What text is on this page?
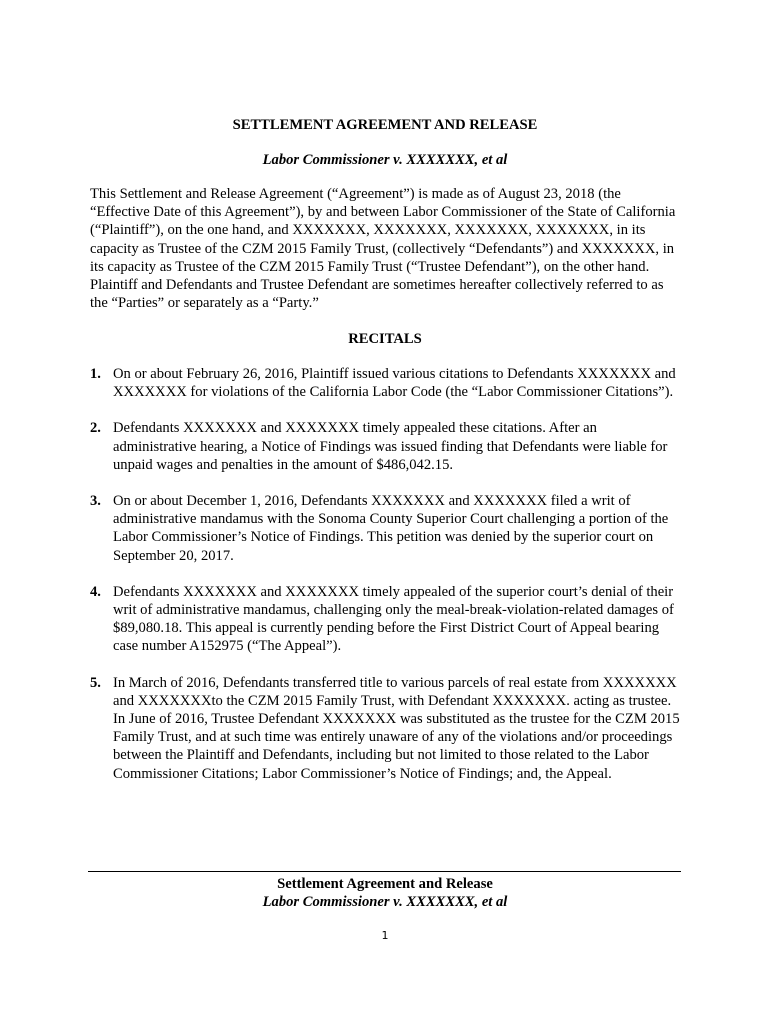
SETTLEMENT AGREEMENT AND RELEASE
Labor Commissioner v. XXXXXXX, et al

This Settlement and Release Agreement (“Agreement”) is made as of August 23, 2018 (the “Effective Date of this Agreement”), by and between Labor Commissioner of the State of California (“Plaintiff”), on the one hand, and XXXXXXX, XXXXXXX, XXXXXXX, XXXXXXX, in its capacity as Trustee of the CZM 2015 Family Trust, (collectively “Defendants”) and XXXXXXX, in its capacity as Trustee of the CZM 2015 Family Trust (“Trustee Defendant”), on the other hand. Plaintiff and Defendants and Trustee Defendant are sometimes hereafter collectively referred to as the “Parties” or separately as a “Party.”

RECITALS
1. On or about February 26, 2016, Plaintiff issued various citations to Defendants XXXXXXX and XXXXXXX for violations of the California Labor Code (the “Labor Commissioner Citations”).
2. Defendants XXXXXXX and XXXXXXX timely appealed these citations. After an administrative hearing, a Notice of Findings was issued finding that Defendants were liable for unpaid wages and penalties in the amount of $486,042.15.
3. On or about December 1, 2016, Defendants XXXXXXX and XXXXXXX filed a writ of administrative mandamus with the Sonoma County Superior Court challenging a portion of the Labor Commissioner’s Notice of Findings. This petition was denied by the superior court on September 20, 2017.
4. Defendants XXXXXXX and XXXXXXX timely appealed of the superior court’s denial of their writ of administrative mandamus, challenging only the meal-break-violation-related damages of $89,080.18. This appeal is currently pending before the First District Court of Appeal bearing case number A152975 (“The Appeal”).
5. In March of 2016, Defendants transferred title to various parcels of real estate from XXXXXXX and XXXXXXXto the CZM 2015 Family Trust, with Defendant XXXXXXX. acting as trustee. In June of 2016, Trustee Defendant XXXXXXX was substituted as the trustee for the CZM 2015 Family Trust, and at such time was entirely unaware of any of the violations and/or proceedings between the Plaintiff and Defendants, including but not limited to those related to the Labor Commissioner Citations; Labor Commissioner’s Notice of Findings; and, the Appeal.
Settlement Agreement and Release
Labor Commissioner v. XXXXXXX, et al
1
